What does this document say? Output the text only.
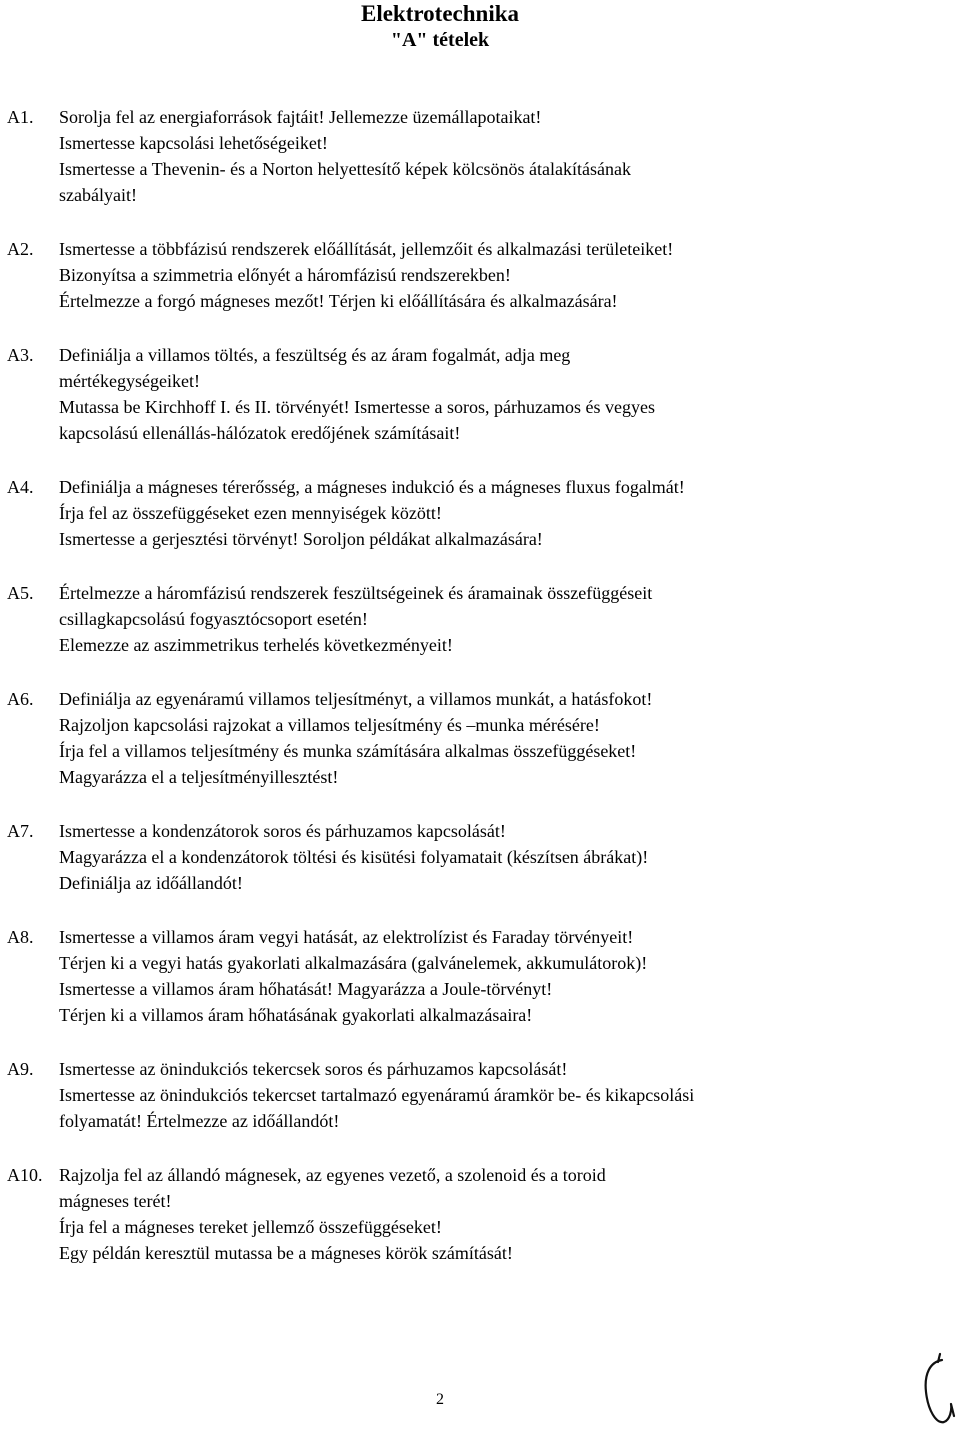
Elektrotechnika
"A" tételek
A1. Sorolja fel az energiaforrások fajtáit! Jellemezze üzemállapotaikat!
Ismertesse kapcsolási lehetőségeiket!
Ismertesse a Thevenin- és a Norton helyettesítő képek kölcsönös átalakításának
szabályait!
A2. Ismertesse a többfázisú rendszerek előállítását, jellemzőit és alkalmazási területeiket!
Bizonyítsa a szimmetria előnyét a háromfázisú rendszerekben!
Értelmezze a forgó mágneses mezőt! Térjen ki előállítására és alkalmazására!
A3. Definiálja a villamos töltés, a feszültség és az áram fogalmát, adja meg
mértékegységeiket!
Mutassa be Kirchhoff I. és II. törvényét! Ismertesse a soros, párhuzamos és vegyes
kapcsolású ellenállás-hálózatok eredőjének számításait!
A4. Definiálja a mágneses térerősség, a mágneses indukció és a mágneses fluxus fogalmát!
Írja fel az összefüggéseket ezen mennyiségek között!
Ismertesse a gerjesztési törvényt! Soroljon példákat alkalmazására!
A5. Értelmezze a háromfázisú rendszerek feszültségeinek és áramainak összefüggéseit
csillagkapcsolású fogyasztócsoport esetén!
Elemezze az aszimmetrikus terhelés következményeit!
A6. Definiálja az egyenáramú villamos teljesítményt, a villamos munkát, a hatásfokot!
Rajzoljon kapcsolási rajzokat a villamos teljesítmény és –munka mérésére!
Írja fel a villamos teljesítmény és munka számítására alkalmas összefüggéseket!
Magyarázza el a teljesítményillesztést!
A7. Ismertesse a kondenzátorok soros és párhuzamos kapcsolását!
Magyarázza el a kondenzátorok töltési és kisütési folyamatait (készítsen ábrákat)!
Definiálja az időállandót!
A8. Ismertesse a villamos áram vegyi hatását, az elektrolízist és Faraday törvényeit!
Térjen ki a vegyi hatás gyakorlati alkalmazására (galvánelemek, akkumulátorok)!
Ismertesse a villamos áram hőhatását! Magyarázza a Joule-törvényt!
Térjen ki a villamos áram hőhatásának gyakorlati alkalmazásaira!
A9. Ismertesse az önindukciós tekercsek soros és párhuzamos kapcsolását!
Ismertesse az önindukciós tekercset tartalmazó egyenáramú áramkör be- és kikapcsolási
folyamatát! Értelmezze az időállandót!
A10. Rajzolja fel az állandó mágnesek, az egyenes vezető, a szolenoid és a toroid
mágneses terét!
Írja fel a mágneses tereket jellemző összefüggéseket!
Egy példán keresztül mutassa be a mágneses körök számítását!
2
